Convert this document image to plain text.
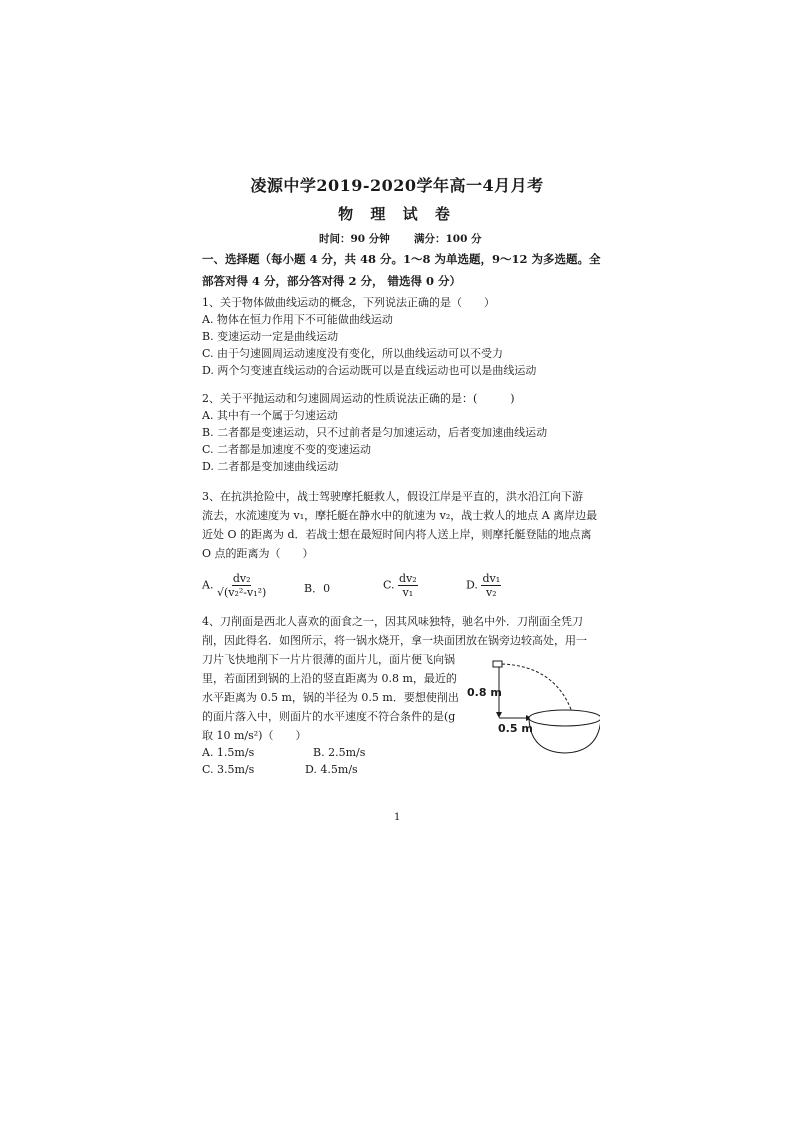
凌源中学2019-2020学年高一4月月考
物 理 试 卷
时间：90 分钟 满分：100 分
一、选择题（每小题 4 分，共 48 分。1～8 为单选题，9～12 为多选题。全
部答对得 4 分，部分答对得 2 分， 错选得 0 分）
1、关于物体做曲线运动的概念，下列说法正确的是（　　）
A. 物体在恒力作用下不可能做曲线运动
B. 变速运动一定是曲线运动
C. 由于匀速圆周运动速度没有变化，所以曲线运动可以不受力
D. 两个匀变速直线运动的合运动既可以是直线运动也可以是曲线运动
2、关于平抛运动和匀速圆周运动的性质说法正确的是：(　　　)
A. 其中有一个属于匀速运动
B. 二者都是变速运动，只不过前者是匀加速运动，后者变加速曲线运动
C. 二者都是加速度不变的变速运动
D. 二者都是变加速曲线运动
3、在抗洪抢险中，战士驾驶摩托艇救人，假设江岸是平直的，洪水沿江向下游
流去，水流速度为 v₁，摩托艇在静水中的航速为 v₂，战士救人的地点 A 离岸边最
近处 O 的距离为 d．若战士想在最短时间内将人送上岸，则摩托艇登陆的地点离
O 点的距离为（　　）
A. $\frac{\text{dv₂}}{\text{√(v₂²-v₁²)}}$	B．0	C. $\frac{\text{dv₂}}{\text{v₁}}$	D. $\frac{\text{dv₁}}{\text{v₂}}$
4、刀削面是西北人喜欢的面食之一，因其风味独特，驰名中外．刀削面全凭刀
削，因此得名．如图所示，将一锅水烧开，拿一块面团放在锅旁边较高处，用一
刀片飞快地削下一片片很薄的面片儿，面片便飞向锅
里，若面团到锅的上沿的竖直距离为 0.8 m，最近的
水平距离为 0.5 m，锅的半径为 0.5 m．要想使削出
的面片落入中，则面片的水平速度不符合条件的是(g
取 10 m/s²)（　　）
A. 1.5m/s	B. 2.5m/s
C. 3.5m/s	D. 4.5m/s
0.8 m
0.5 m
1
